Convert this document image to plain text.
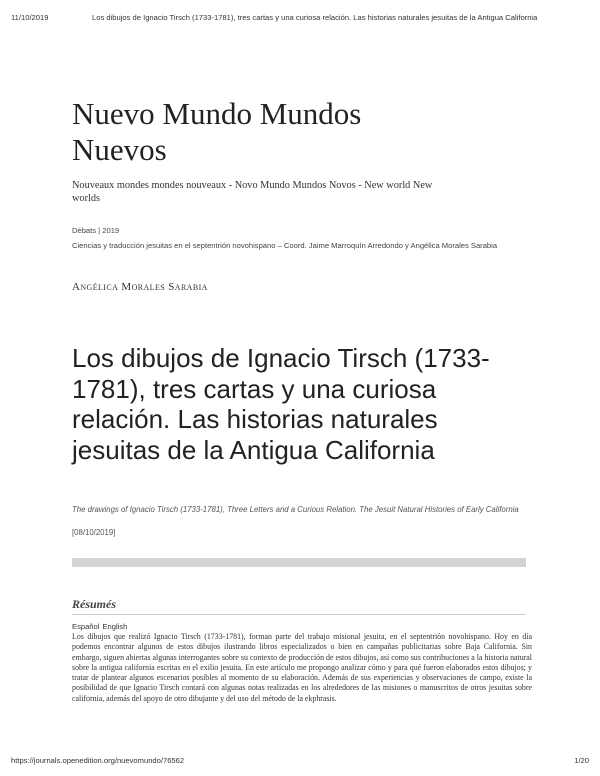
11/10/2019	Los dibujos de Ignacio Tirsch (1733-1781), tres cartas y una curiosa relación. Las historias naturales jesuitas de la Antigua California
Nuevo Mundo Mundos Nuevos
Nouveaux mondes mondes nouveaux - Novo Mundo Mundos Novos - New world New worlds
Débats | 2019
Ciencias y traducción jesuitas en el septentrión novohispano – Coord. Jaime Marroquín Arredondo y Angélica Morales Sarabia
Angélica Morales Sarabia
Los dibujos de Ignacio Tirsch (1733-1781), tres cartas y una curiosa relación. Las historias naturales jesuitas de la Antigua California
The drawings of Ignacio Tirsch (1733-1781), Three Letters and a Curious Relation. The Jesuit Natural Histories of Early California
[08/10/2019]
Résumés
Español English

Los dibujos que realizó Ignacio Tirsch (1733-1781), forman parte del trabajo misional jesuita, en el septentrión novohispano. Hoy en día podemos encontrar algunos de estos dibujos ilustrando libros especializados o bien en campañas publicitarias sobre Baja California. Sin embargo, siguen abiertas algunas interrogantes sobre su contexto de producción de estos dibujos, así como sus contribuciones a la historia natural sobre la antigua california escritas en el exilio jesuita. En este artículo me propongo analizar cómo y para qué fueron elaborados estos dibujos; y tratar de plantear algunos escenarios posibles al momento de su elaboración. Además de sus experiencias y observaciones de campo, existe la posibilidad de que Ignacio Tirsch contará con algunas notas realizadas en los alrededores de las misiones o manuscritos de otros jesuitas sobre california, además del apoyo de otro dibujante y del uso del método de la ekphrasis.

https://journals.openedition.org/nuevomundo/76562	1/20
